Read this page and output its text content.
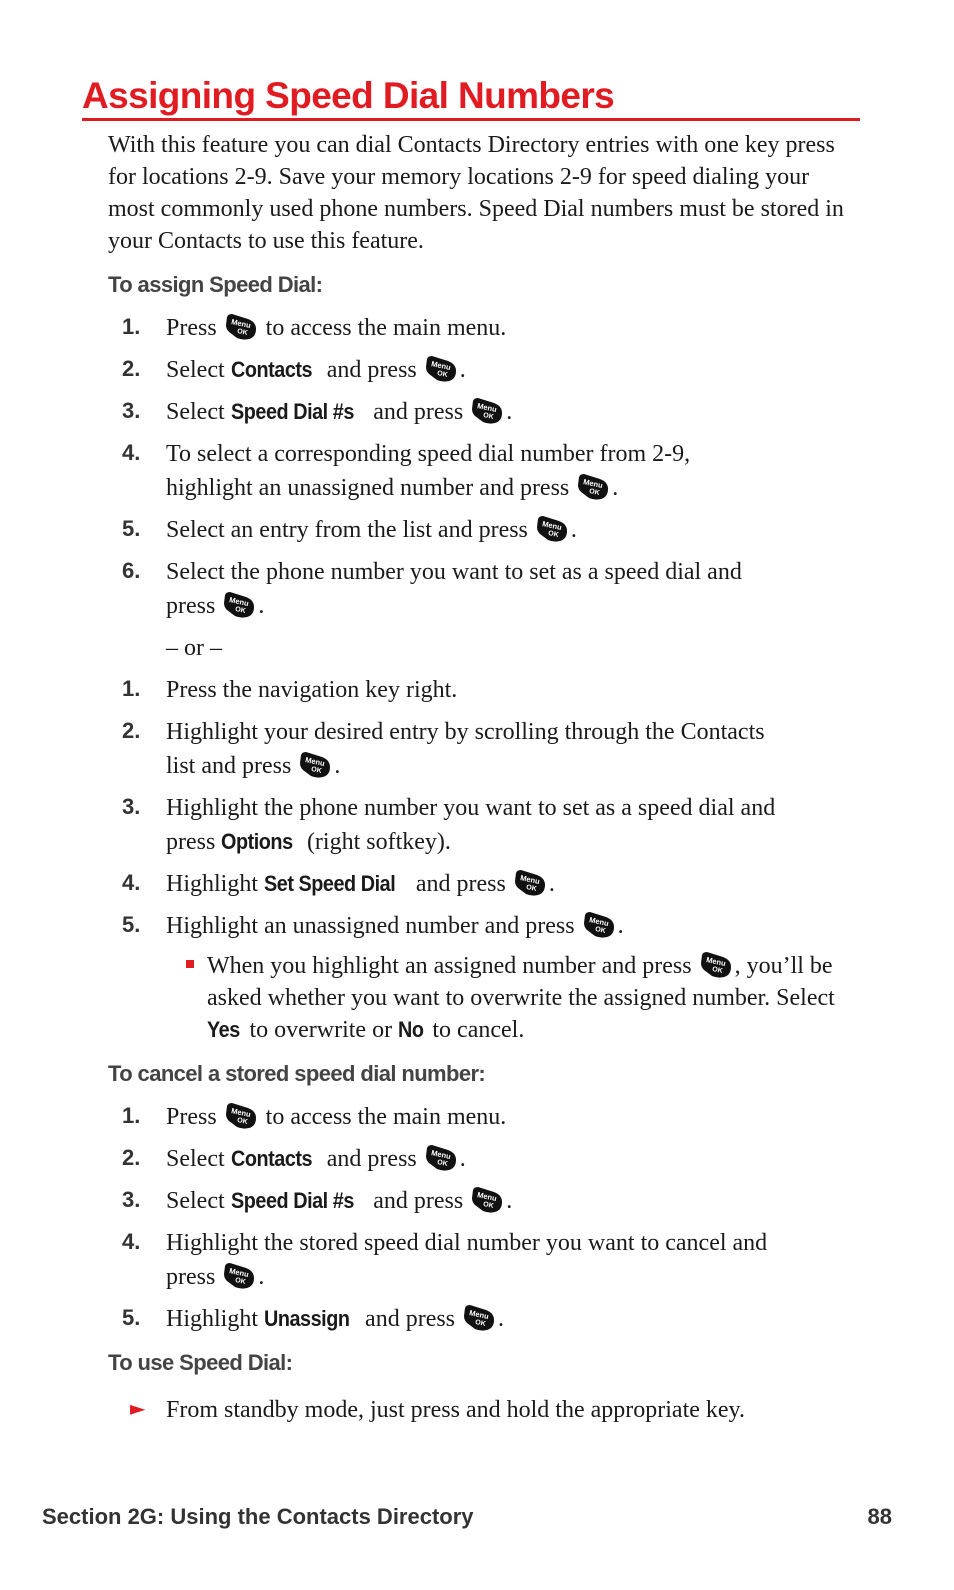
Assigning Speed Dial Numbers

With this feature you can dial Contacts Directory entries with one key press for locations 2-9. Save your memory locations 2-9 for speed dialing your most commonly used phone numbers. Speed Dial numbers must be stored in your Contacts to use this feature.

To assign Speed Dial:
1.	Press Menu
OK to access the main menu.

2.	Select Contacts and press Menu
OK .

3.	Select Speed Dial #s and press Menu
OK .

4.	To select a corresponding speed dial number from 2-9,
highlight an unassigned number and press Menu
OK .

5.	Select an entry from the list and press Menu
OK .

6.	Select the phone number you want to set as a speed dial and
press Menu
OK .

– or –

1.	Press the navigation key right.

2.	Highlight your desired entry by scrolling through the Contacts
list and press Menu
OK .

3.	Highlight the phone number you want to set as a speed dial and
press Options (right softkey).

4.	Highlight Set Speed Dial and press Menu
OK .

5.	Highlight an unassigned number and press Menu
OK .

When you highlight an assigned number and press Menu
OK , you’ll be asked whether you want to overwrite the assigned number. Select Yes to overwrite or No to cancel.

To cancel a stored speed dial number:
1.	Press Menu
OK to access the main menu.

2.	Select Contacts and press Menu
OK .

3.	Select Speed Dial #s and press Menu
OK .

4.	Highlight the stored speed dial number you want to cancel and
press Menu
OK .

5.	Highlight Unassign and press Menu
OK .

To use Speed Dial:
► From standby mode, just press and hold the appropriate key.

Section 2G: Using the Contacts Directory	88
